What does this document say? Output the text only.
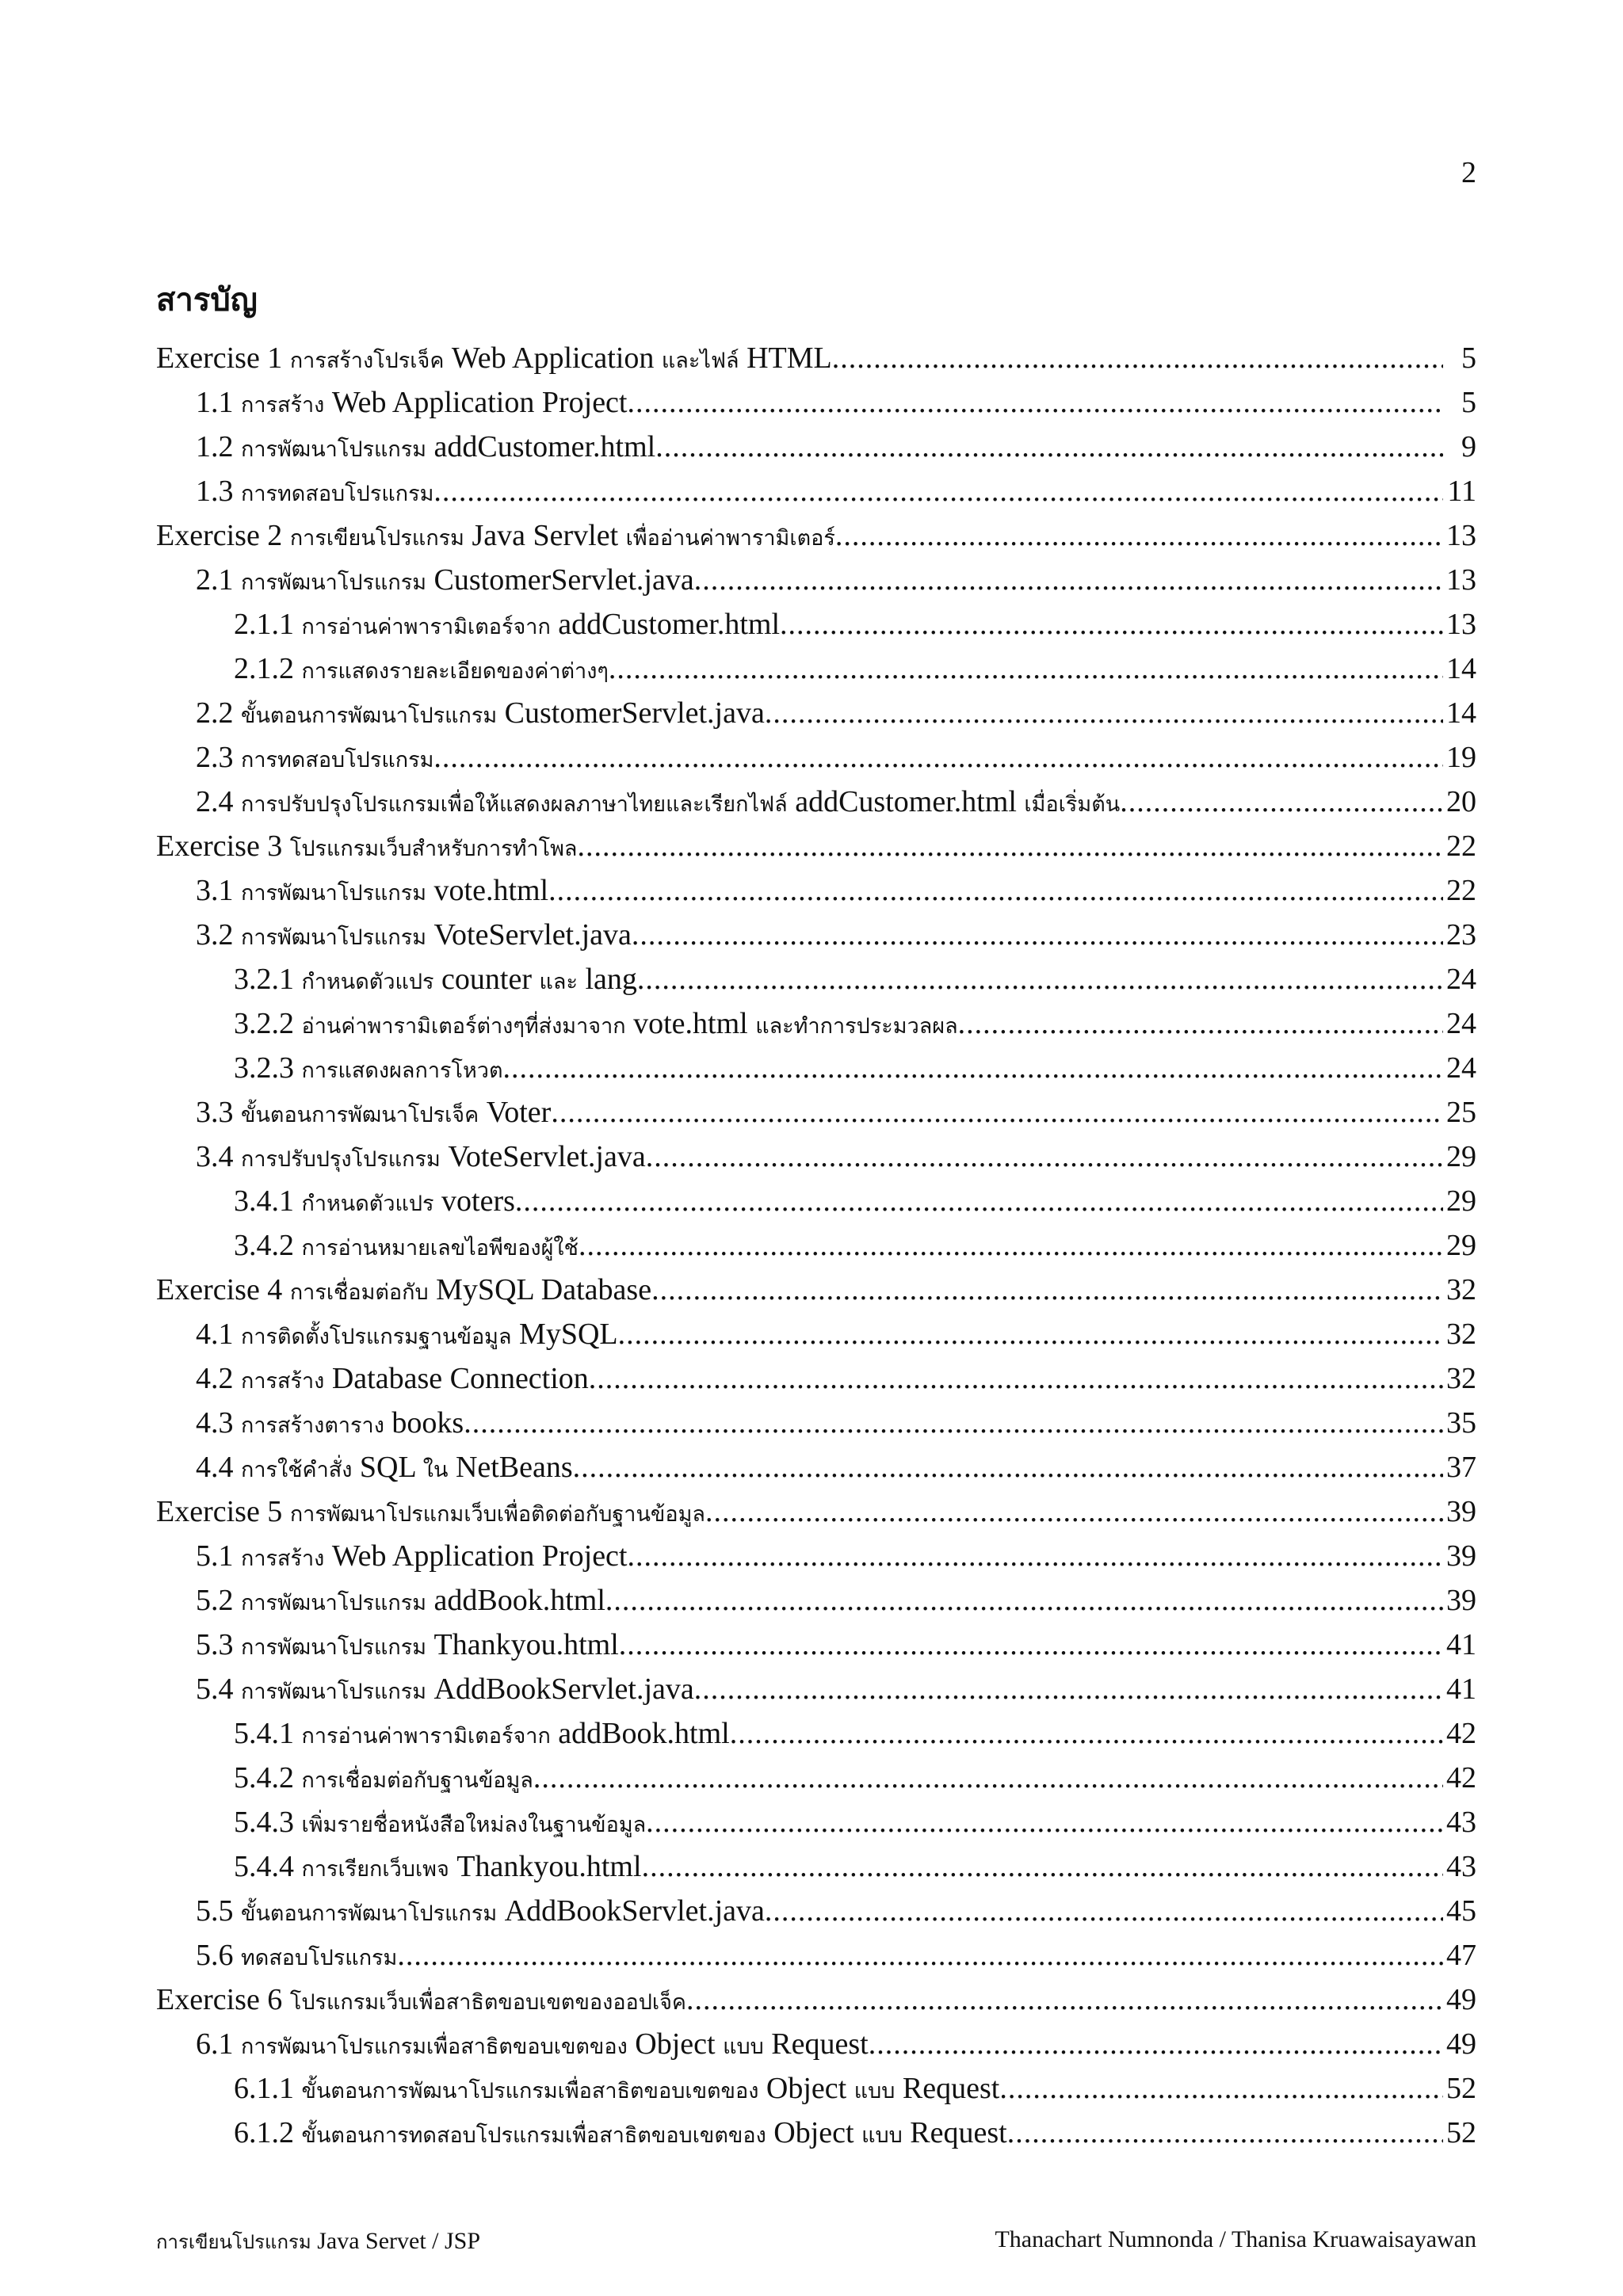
2
สารบัญ
Exercise 1 การสร้างโปรเจ็ค Web Application และไฟล์ HTML .....	5
1.1 การสร้าง Web Application Project .....	5
1.2 การพัฒนาโปรแกรม addCustomer.html .....	9
1.3 การทดสอบโปรแกรม .....	11
Exercise 2 การเขียนโปรแกรม Java Servlet เพื่ออ่านค่าพารามิเตอร์ .....	13
2.1 การพัฒนาโปรแกรม CustomerServlet.java .....	13
2.1.1 การอ่านค่าพารามิเตอร์จาก addCustomer.html .....	13
2.1.2 การแสดงรายละเอียดของค่าต่างๆ .....	14
2.2 ขั้นตอนการพัฒนาโปรแกรม CustomerServlet.java .....	14
2.3 การทดสอบโปรแกรม .....	19
2.4 การปรับปรุงโปรแกรมเพื่อให้แสดงผลภาษาไทยและเรียกไฟล์ addCustomer.html เมื่อเริ่มต้น .....	20
Exercise 3 โปรแกรมเว็บสำหรับการทำโพล .....	22
3.1 การพัฒนาโปรแกรม vote.html .....	22
3.2 การพัฒนาโปรแกรม VoteServlet.java .....	23
3.2.1 กำหนดตัวแปร counter และ lang .....	24
3.2.2 อ่านค่าพารามิเตอร์ต่างๆที่ส่งมาจาก vote.html และทำการประมวลผล .....	24
3.2.3 การแสดงผลการโหวต .....	24
3.3 ขั้นตอนการพัฒนาโปรเจ็ค Voter .....	25
3.4 การปรับปรุงโปรแกรม VoteServlet.java .....	29
3.4.1 กำหนดตัวแปร voters .....	29
3.4.2 การอ่านหมายเลขไอพีของผู้ใช้ .....	29
Exercise 4 การเชื่อมต่อกับ MySQL Database .....	32
4.1 การติดตั้งโปรแกรมฐานข้อมูล MySQL .....	32
4.2 การสร้าง Database Connection .....	32
4.3 การสร้างตาราง books .....	35
4.4 การใช้คำสั่ง SQL ใน NetBeans .....	37
Exercise 5 การพัฒนาโปรแกมเว็บเพื่อติดต่อกับฐานข้อมูล .....	39
5.1 การสร้าง Web Application Project .....	39
5.2 การพัฒนาโปรแกรม addBook.html .....	39
5.3 การพัฒนาโปรแกรม Thankyou.html .....	41
5.4 การพัฒนาโปรแกรม AddBookServlet.java .....	41
5.4.1 การอ่านค่าพารามิเตอร์จาก addBook.html .....	42
5.4.2 การเชื่อมต่อกับฐานข้อมูล .....	42
5.4.3 เพิ่มรายชื่อหนังสือใหม่ลงในฐานข้อมูล .....	43
5.4.4 การเรียกเว็บเพจ Thankyou.html .....	43
5.5 ขั้นตอนการพัฒนาโปรแกรม AddBookServlet.java .....	45
5.6 ทดสอบโปรแกรม .....	47
Exercise 6 โปรแกรมเว็บเพื่อสาธิตขอบเขตของออปเจ็ค .....	49
6.1 การพัฒนาโปรแกรมเพื่อสาธิตขอบเขตของ Object แบบ Request .....	49
6.1.1 ขั้นตอนการพัฒนาโปรแกรมเพื่อสาธิตขอบเขตของ Object แบบ Request .....	52
6.1.2 ขั้นตอนการทดสอบโปรแกรมเพื่อสาธิตขอบเขตของ Object แบบ Request .....	52
การเขียนโปรแกรม Java Servet / JSP	Thanachart Numnonda / Thanisa Kruawaisayawan
